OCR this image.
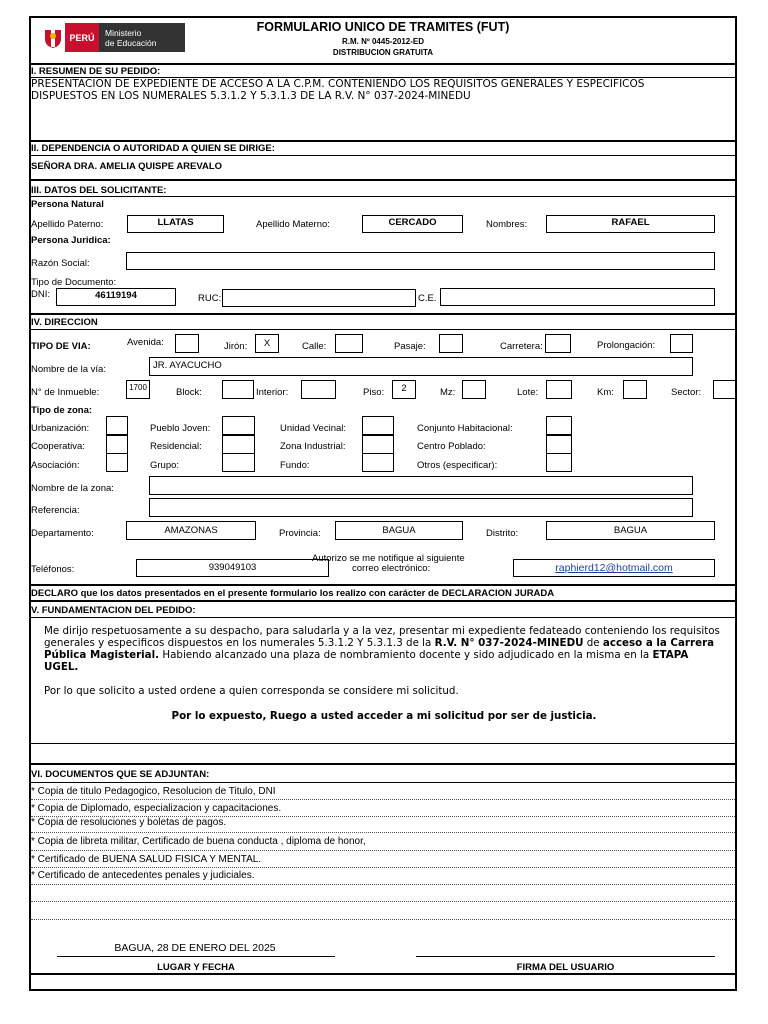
PERÚ	Ministerio
de Educación
FORMULARIO UNICO DE TRAMITES (FUT)
R.M. Nº 0445-2012-ED
DISTRIBUCION GRATUITA
I. RESUMEN DE SU PEDIDO:
PRESENTACION DE EXPEDIENTE DE ACCESO A LA C.P.M. CONTENIENDO LOS REQUISITOS GENERALES Y ESPECIFICOS
DISPUESTOS EN LOS NUMERALES 5.3.1.2 Y 5.3.1.3 DE LA R.V. N° 037-2024-MINEDU
II. DEPENDENCIA O AUTORIDAD A QUIEN SE DIRIGE:
SEÑORA DRA. AMELIA QUISPE AREVALO
III. DATOS DEL SOLICITANTE:
Persona Natural
Apellido Paterno:	LLATAS	Apellido Materno:	CERCADO	Nombres:	RAFAEL
Persona Juridica:
Razón Social:
Tipo de Documento:
DNI:	46119194	RUC:	C.E.
IV. DIRECCION
TIPO DE VIA:	Avenida:	Jirón:	X	Calle:	Pasaje:	Carretera:	Prolongación:
Nombre de la vía:	JR. AYACUCHO
N° de Inmueble:	1700	Block:	Interior:	Piso:	2	Mz:	Lote:	Km:	Sector:
Tipo de zona:
Urbanización:	Pueblo Joven:	Unidad Vecinal:	Conjunto Habitacional:
Cooperativa:	Residencial:	Zona Industrial:	Centro Poblado:
Asociación:	Grupo:	Fundo:	Otros (especificar):
Nombre de la zona:
Referencia:
Departamento:	AMAZONAS	Provincia:	BAGUA	Distrito:	BAGUA
Autorizo se me notifique al siguiente
correo electrónico:
Teléfonos:	939049103	raphierd12@hotmail.com
DECLARO que los datos presentados en el presente formulario los realizo con carácter de DECLARACION JURADA
V. FUNDAMENTACION DEL PEDIDO:

Me dirijo respetuosamente a su despacho, para saludarla y a la vez, presentar mi expediente fedateado conteniendo los requisitos generales y especificos dispuestos en los numerales 5.3.1.2 Y 5.3.1.3 de la R.V. N° 037-2024-MINEDU de acceso a la Carrera Pública Magisterial. Habiendo alcanzado una plaza de nombramiento docente y sido adjudicado en la misma en la ETAPA UGEL.

Por lo que solicito a usted ordene a quien corresponda se considere mi solicitud.

Por lo expuesto, Ruego a usted acceder a mi solicitud por ser de justicia.

VI. DOCUMENTOS QUE SE ADJUNTAN:
* Copia de titulo Pedagogico, Resolucion de Titulo, DNI
* Copia de Diplomado, especializacion y capacitaciones.
* Copia de resoluciones y boletas de pagos.
* Copia de libreta militar, Certificado de buena conducta , diploma de honor,
* Certificado de BUENA SALUD FISICA Y MENTAL.
* Certificado de antecedentes penales y judiciales.
BAGUA, 28 DE ENERO DEL 2025
LUGAR Y FECHA	FIRMA DEL USUARIO
